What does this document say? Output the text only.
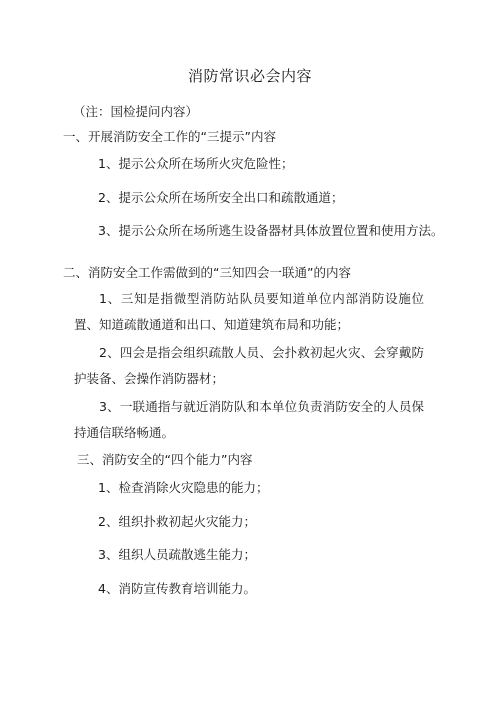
消防常识必会内容
（注：国检提问内容）
一、开展消防安全工作的“三提示”内容
1、提示公众所在场所火灾危险性；
2、提示公众所在场所安全出口和疏散通道；
3、提示公众所在场所逃生设备器材具体放置位置和使用方法。
二、消防安全工作需做到的“三知四会一联通”的内容
1、三知是指微型消防站队员要知道单位内部消防设施位置、知道疏散通道和出口、知道建筑布局和功能；
2、四会是指会组织疏散人员、会扑救初起火灾、会穿戴防护装备、会操作消防器材；
3、一联通指与就近消防队和本单位负责消防安全的人员保持通信联络畅通。
三、消防安全的“四个能力”内容
1、检查消除火灾隐患的能力；
2、组织扑救初起火灾能力；
3、组织人员疏散逃生能力；
4、消防宣传教育培训能力。
